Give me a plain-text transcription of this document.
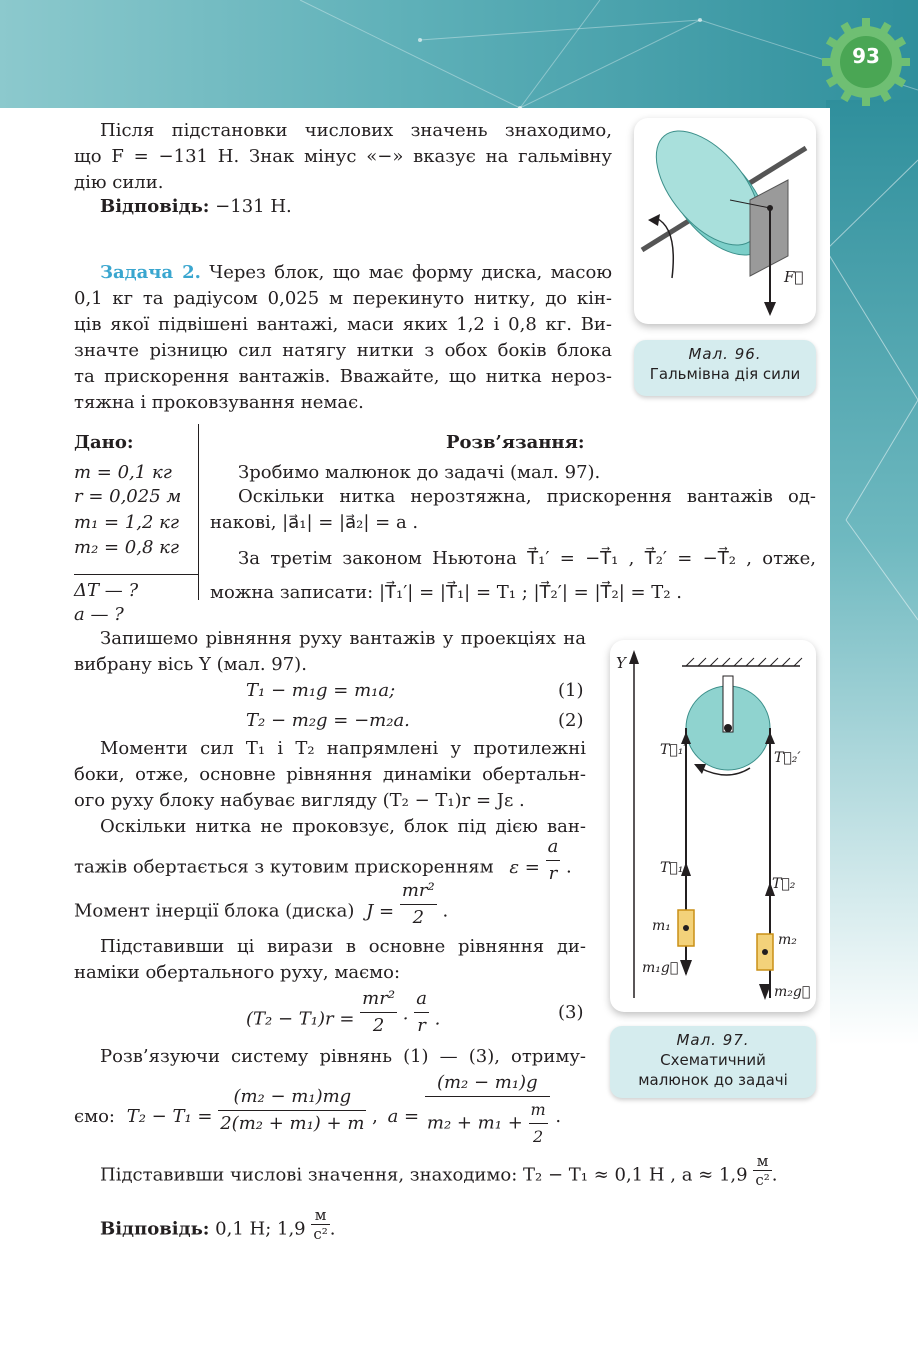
93
Після підстановки числових значень знаходимо,
що F = −131 Н. Знак мінус «−» вказує на гальмівну
дію сили.
Відповідь: −131 Н.
Задача 2. Через блок, що має форму диска, масою
0,1 кг та радіусом 0,025 м перекинуто нитку, до кін-
ців якої підвішені вантажі, маси яких 1,2 і 0,8 кг. Ви-
значте різницю сил натягу нитки з обох боків блока
та прискорення вантажів. Вважайте, що нитка нероз-
тяжна і проковзування немає.
Дано:
m = 0,1 кг
r = 0,025 м
m₁ = 1,2 кг
m₂ = 0,8 кг
ΔT — ?
a — ?
Розв’язання:
Зробимо малюнок до задачі (мал. 97).
Оскільки нитка нерозтяжна, прискорення вантажів од-
накові, |a⃗₁| = |a⃗₂| = a .
За третім законом Ньютона T⃗₁′ = −T⃗₁ , T⃗₂′ = −T⃗₂ , отже,
можна записати: |T⃗₁′| = |T⃗₁| = T₁ ; |T⃗₂′| = |T⃗₂| = T₂ .
Запишемо рівняння руху вантажів у проекціях на
вибрану вісь Y (мал. 97).
T₁ − m₁g = m₁a;	(1)
T₂ − m₂g = −m₂a.	(2)
Моменти сил T₁ і T₂ напрямлені у протилежні
боки, отже, основне рівняння динаміки обертальн-
ого руху блоку набуває вигляду (T₂ − T₁)r = Jε .
Оскільки нитка не проковзує, блок під дією ван-
тажів обертається з кутовим прискоренням $\varepsilon = \frac{a}{r}$ .
Момент інерції блока (диска) $J = \frac{\text{mr²}}{2}$ .
Підставивши ці вирази в основне рівняння ди-
наміки обертального руху, маємо:
$(T_2 - T_1)r = \frac{\text{mr²}}{2} \cdot \frac{a}{r}$ .	(3)
Розв’язуючи систему рівнянь (1) — (3), отриму-
ємо: $T_2 - T_1 = \frac{\text{(m₂ − m₁)mg}}{\text{2(m₂ + m₁) + m}}$ , $a = \frac{\text{(m₂ − m₁)g}}{m_2 + m_1 + \frac{m}{2}}$ .
Підставивши числові значення, знаходимо: T₂ − T₁ ≈ 0,1 Н , a ≈ 1,9
м
с² .
Відповідь: 0,1 Н; 1,9
м
с² .
F⃗
Мал. 96.
Гальмівна дія сили
Y
T⃗₁′	T⃗₂′
T⃗₁
T⃗₂
m₁
m₂
m₁g⃗
m₂g⃗
Мал. 97.
Схематичний
малюнок до задачі
